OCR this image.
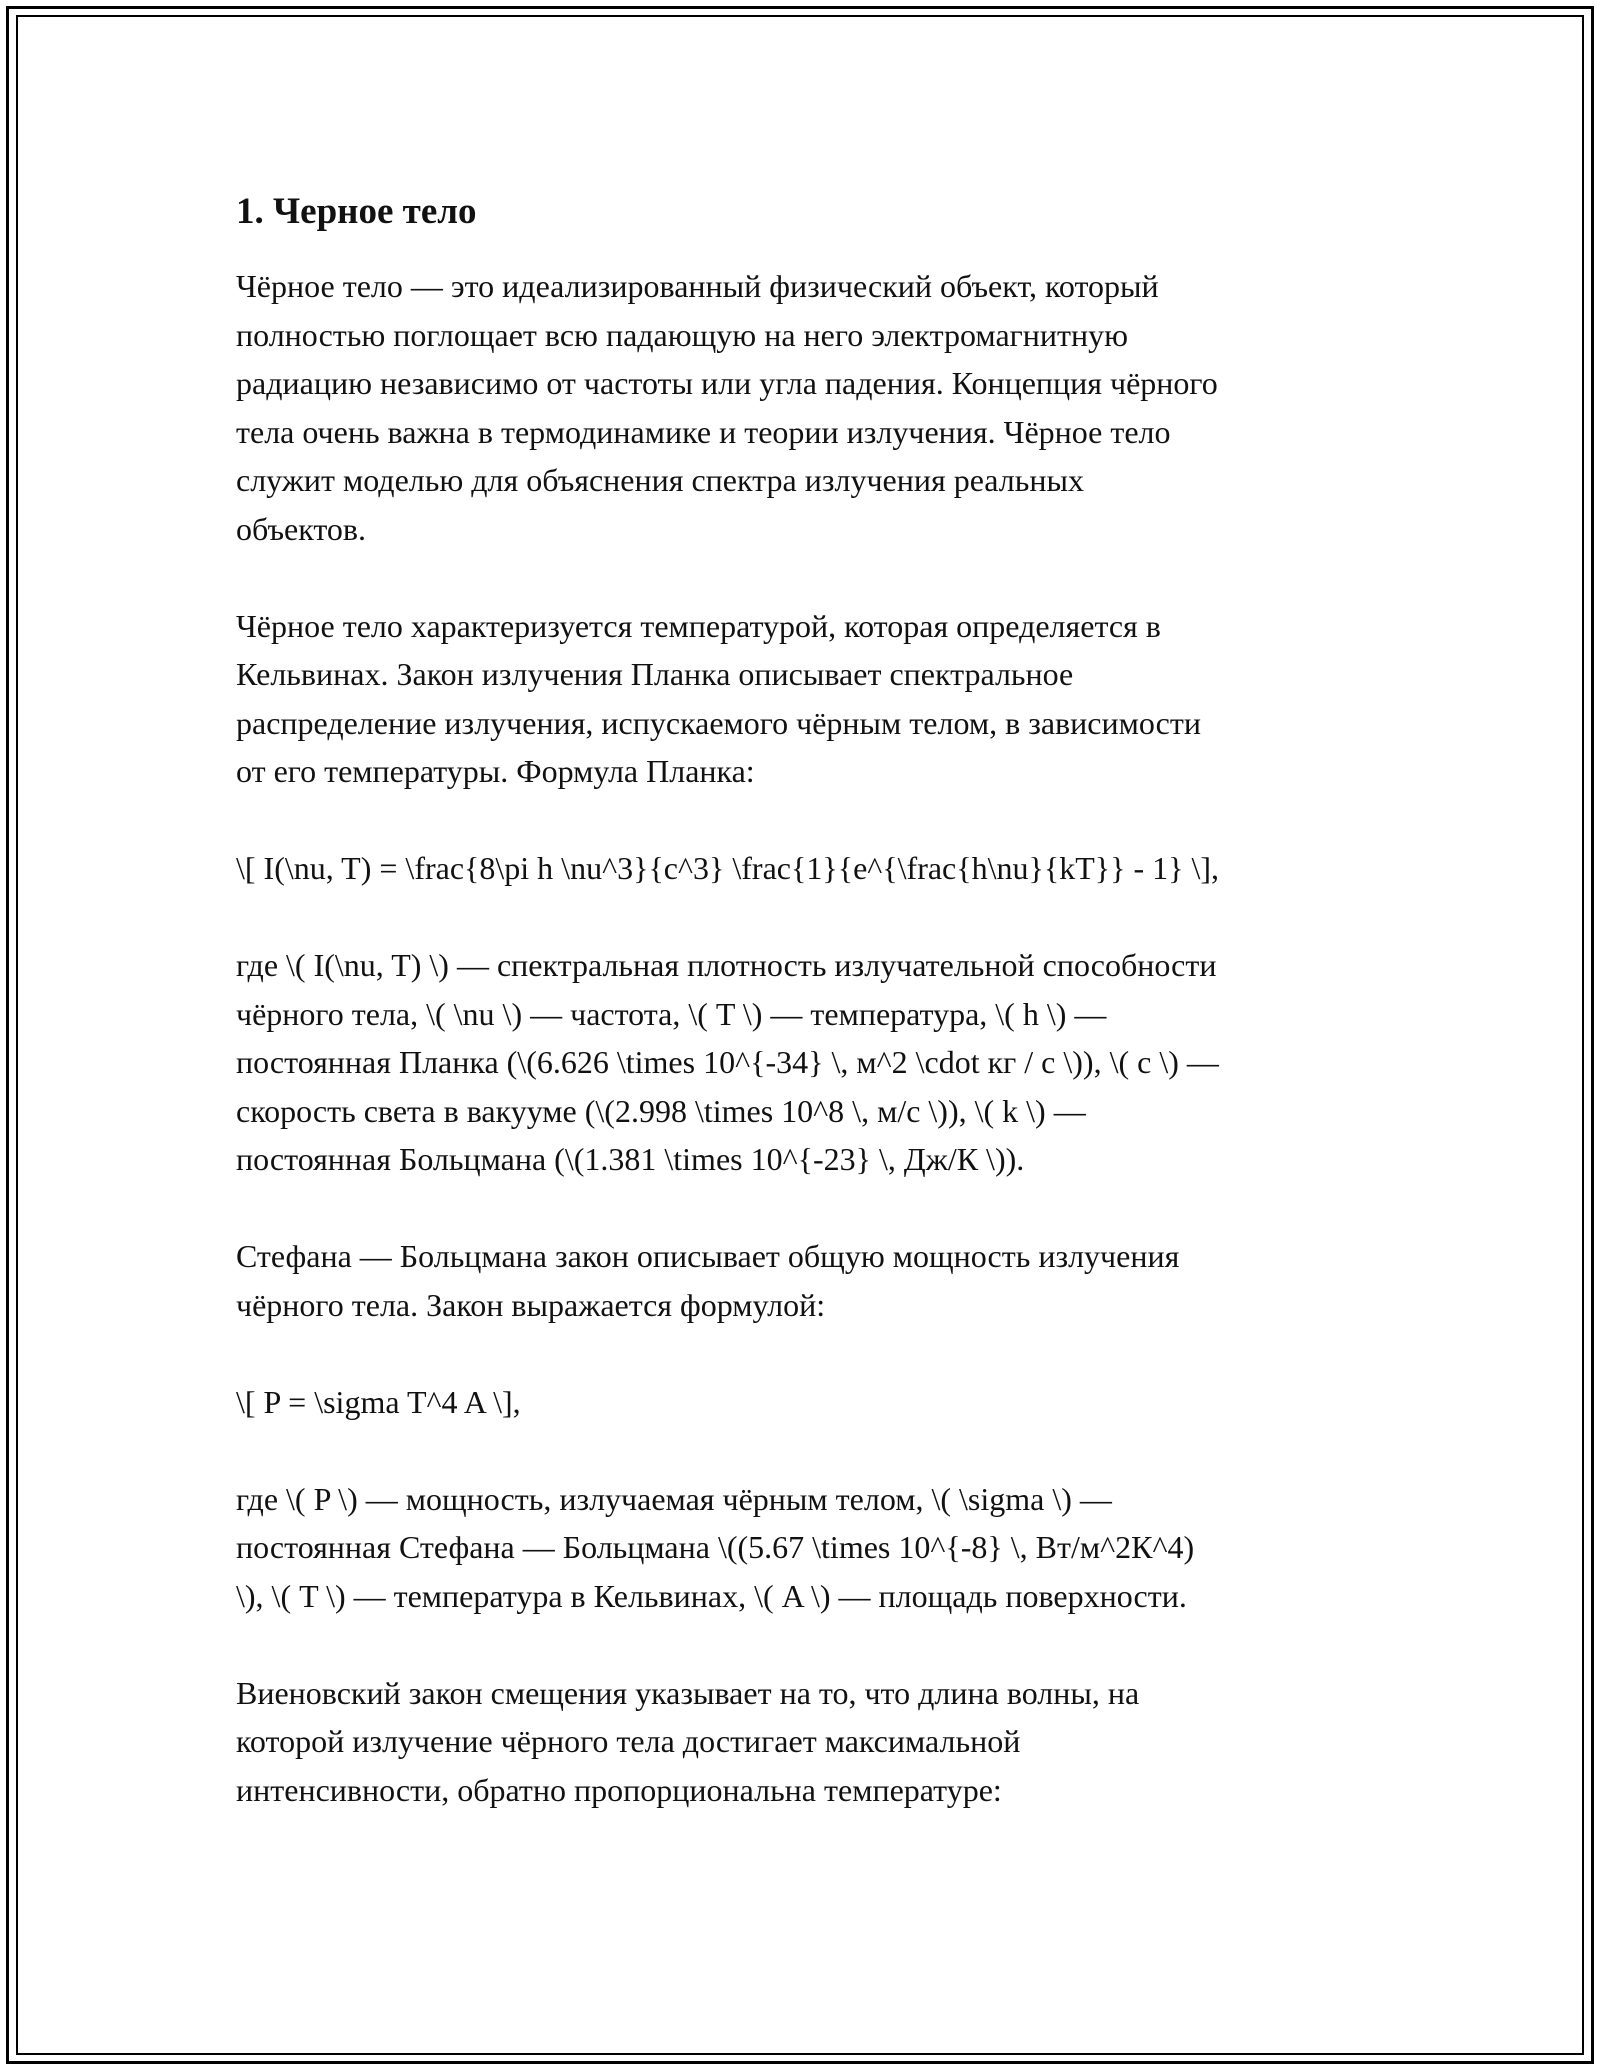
1. Черное тело

Чёрное тело — это идеализированный физический объект, который
полностью поглощает всю падающую на него электромагнитную
радиацию независимо от частоты или угла падения. Концепция чёрного
тела очень важна в термодинамике и теории излучения. Чёрное тело
служит моделью для объяснения спектра излучения реальных
объектов.

Чёрное тело характеризуется температурой, которая определяется в
Кельвинах. Закон излучения Планка описывает спектральное
распределение излучения, испускаемого чёрным телом, в зависимости
от его температуры. Формула Планка:

\[ I(\nu, T) = \frac{8\pi h \nu^3}{c^3} \frac{1}{e^{\frac{h\nu}{kT}} - 1} \],

где \( I(\nu, T) \) — спектральная плотность излучательной способности
чёрного тела, \( \nu \) — частота, \( T \) — температура, \( h \) —
постоянная Планка (\(6.626 \times 10^{-34} \, м^2 \cdot кг / с \)), \( c \) —
скорость света в вакууме (\(2.998 \times 10^8 \, м/с \)), \( k \) —
постоянная Больцмана (\(1.381 \times 10^{-23} \, Дж/К \)).

Стефана — Больцмана закон описывает общую мощность излучения
чёрного тела. Закон выражается формулой:

\[ P = \sigma T^4 A \],

где \( P \) — мощность, излучаемая чёрным телом, \( \sigma \) —
постоянная Стефана — Больцмана \((5.67 \times 10^{-8} \, Вт/м^2К^4)
\), \( T \) — температура в Кельвинах, \( A \) — площадь поверхности.

Виеновский закон смещения указывает на то, что длина волны, на
которой излучение чёрного тела достигает максимальной
интенсивности, обратно пропорциональна температуре:
